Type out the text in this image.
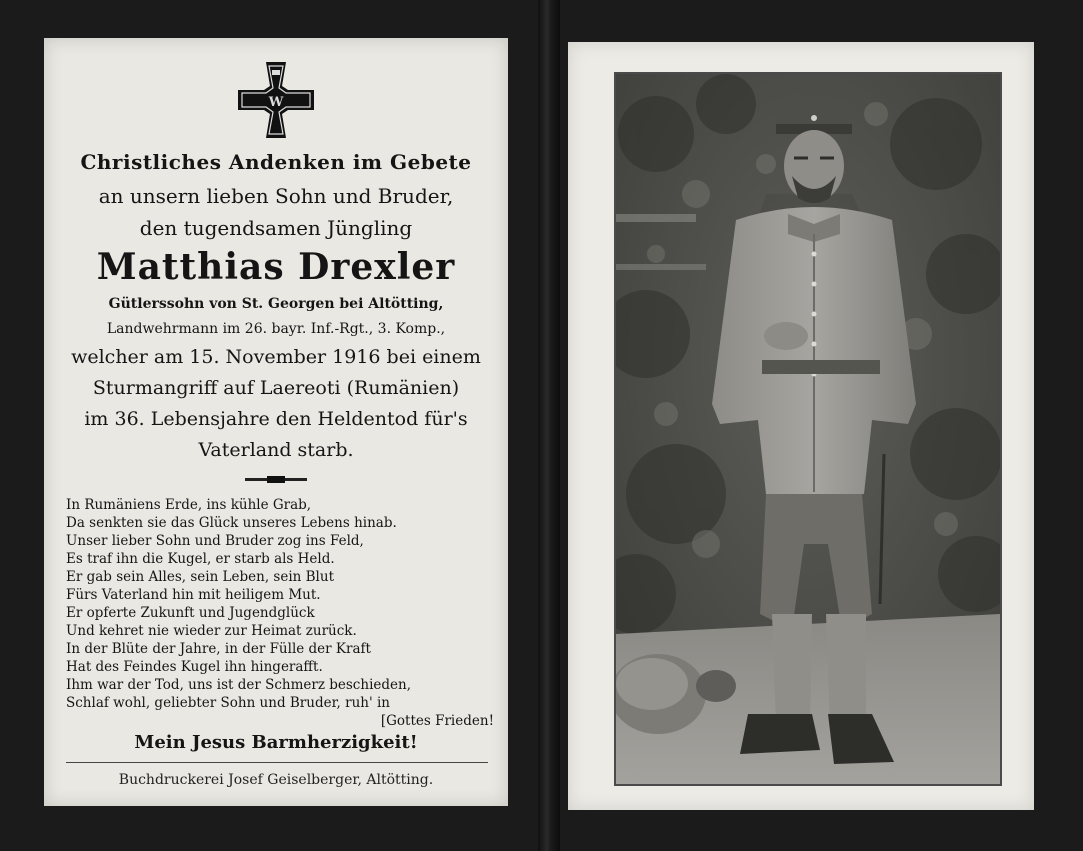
W
Christliches Andenken im Gebete
an unsern lieben Sohn und Bruder,
den tugendsamen Jüngling
Matthias Drexler
Gütlerssohn von St. Georgen bei Altötting,
Landwehrmann im 26. bayr. Inf.-Rgt., 3. Komp.,
welcher am 15. November 1916 bei einem
Sturmangriff auf Laereoti (Rumänien)
im 36. Lebensjahre den Heldentod für's
Vaterland starb.
In Rumäniens Erde, ins kühle Grab,
Da senkten sie das Glück unseres Lebens hinab.
Unser lieber Sohn und Bruder zog ins Feld,
Es traf ihn die Kugel, er starb als Held.
Er gab sein Alles, sein Leben, sein Blut
Fürs Vaterland hin mit heiligem Mut.
Er opferte Zukunft und Jugendglück
Und kehret nie wieder zur Heimat zurück.
In der Blüte der Jahre, in der Fülle der Kraft
Hat des Feindes Kugel ihn hingerafft.
Ihm war der Tod, uns ist der Schmerz beschieden,
Schlaf wohl, geliebter Sohn und Bruder, ruh' in
[Gottes Frieden!
Mein Jesus Barmherzigkeit!
Buchdruckerei Josef Geiselberger, Altötting.
